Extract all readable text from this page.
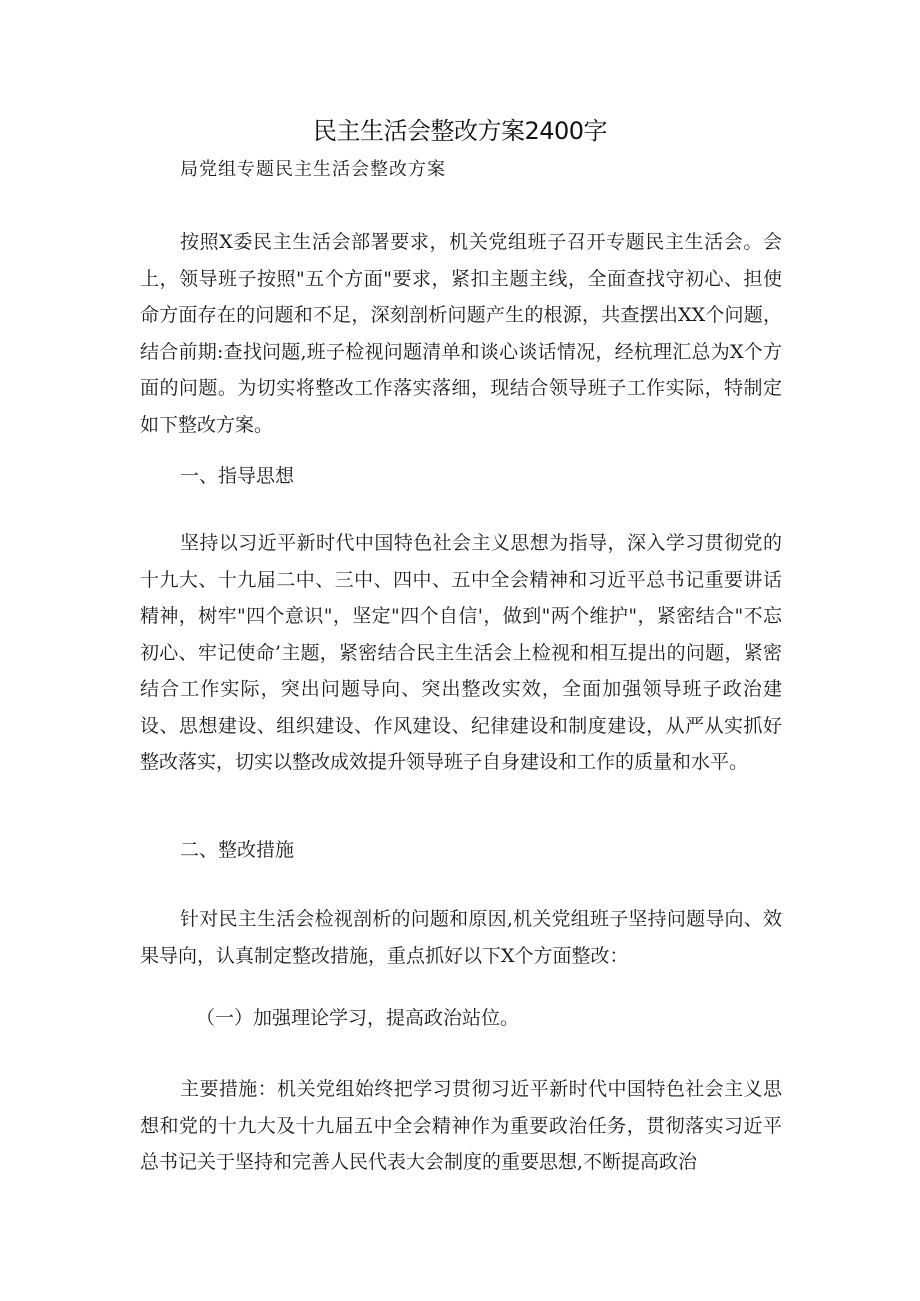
民主生活会整改方案2400字
局党组专题民主生活会整改方案

按照X委民主生活会部署要求，机关党组班子召开专题民主生活会。会上，领导班子按照"五个方面"要求，紧扣主题主线，全面查找守初心、担使命方面存在的问题和不足，深刻剖析问题产生的根源，共查摆出XX个问题，结合前期:查找问题,班子检视问题清单和谈心谈话情况，经杭理汇总为X个方面的问题。为切实将整改工作落实落细，现结合领导班子工作实际，特制定如下整改方案。

一、指导思想

坚持以习近平新时代中国特色社会主义思想为指导，深入学习贯彻党的十九大、十九届二中、三中、四中、五中全会精神和习近平总书记重要讲话精神，树牢"四个意识"，坚定"四个自信'，做到"两个维护"，紧密结合"不忘初心、牢记使命’主题，紧密结合民主生活会上检视和相互提出的问题，紧密结合工作实际，突出问题导向、突出整改实效，全面加强领导班子政治建设、思想建设、组织建设、作风建设、纪律建设和制度建设，从严从实抓好整改落实，切实以整改成效提升领导班子自身建设和工作的质量和水平。

二、整改措施

针对民主生活会检视剖析的问题和原因,机关党组班子坚持问题导向、效果导向，认真制定整改措施，重点抓好以下X个方面整改：

（一）加强理论学习，提高政治站位。

主要措施：机关党组始终把学习贯彻习近平新时代中国特色社会主义思想和党的十九大及十九届五中全会精神作为重要政治任务，贯彻落实习近平总书记关于坚持和完善人民代表大会制度的重要思想,不断提高政治
